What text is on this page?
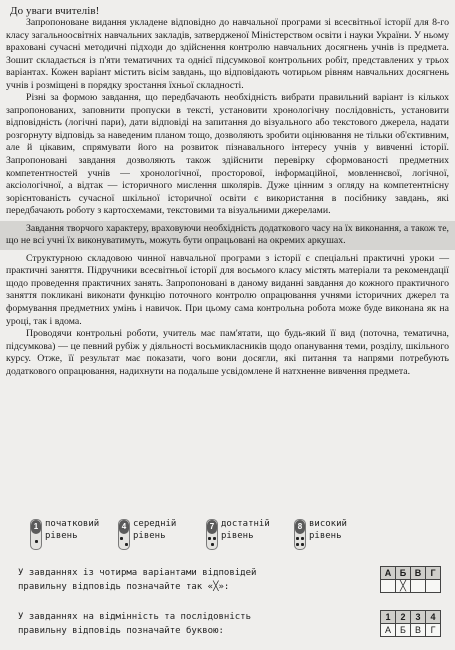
До уваги вчителів!

Запропоноване видання укладене відповідно до навчальної програми зі всесвітньої історії для 8-го класу загальноосвітніх навчальних закладів, затвердженої Міністерством освіти і науки України. У ньому враховані сучасні методичні підходи до здійснення контролю навчальних досягнень учнів із предмета. Зошит складається із п'яти тематичних та однієї підсумкової контрольних робіт, представлених у трьох варіантах. Кожен варіант містить вісім завдань, що відповідають чотирьом рівням навчальних досягнень учнів і розміщені в порядку зростання їхньої складності.

Різні за формою завдання, що передбачають необхідність вибрати правильний варіант із кількох запропонованих, заповнити пропуски в тексті, установити хронологічну послідовність, установити відповідність (логічні пари), дати відповіді на запитання до візуального або текстового джерела, надати розгорнуту відповідь за наведеним планом тощо, дозволяють зробити оцінювання не тільки об'єктивним, але й цікавим, спрямувати його на розвиток пізнавального інтересу учнів у вивченні історії. Запропоновані завдання дозволяють також здійснити перевірку сформованості предметних компетентностей учнів — хронологічної, просторової, інформаційної, мовленнєвої, логічної, аксіологічної, а відтак — історичного мислення школярів. Дуже цінним з огляду на компетентнісну зорієнтованість сучасної шкільної історичної освіти є використання в посібнику завдань, які передбачають роботу з картосхемами, текстовими та візуальними джерелами.

Завдання творчого характеру, враховуючи необхідність додаткового часу на їх виконання, а також те, що не всі учні їх виконуватимуть, можуть бути опрацьовані на окремих аркушах.

Структурною складовою чинної навчальної програми з історії є спеціальні практичні уроки — практичні заняття. Підручники всесвітньої історії для восьмого класу містять матеріали та рекомендації щодо проведення практичних занять. Запропоновані в даному виданні завдання до кожного практичного заняття покликані виконати функцію поточного контролю опрацювання учнями історичних джерел та формування предметних умінь і навичок. При цьому сама контрольна робота може буде виконана як на уроці, так і вдома.

Проводячи контрольні роботи, учитель має пам'ятати, що будь-який її вид (поточна, тематична, підсумкова) — це певний рубіж у діяльності восьмикласників щодо опанування теми, розділу, шкільного курсу. Отже, її результат має показати, чого вони досягли, які питання та напрями потребують додаткового опрацювання, надихнути на подальше усвідомлене й натхненне вивчення предмета.

1 початковий
рівень
4 середній
рівень
7 достатній
рівень
8 високий
рівень
У завданнях із чотирма варіантами відповідей
правильну відповідь позначайте так «╳»:
А	Б	В	Г
	╳		
У завданнях на відмінність та послідовність
правильну відповідь позначайте буквою:
1	2	3	4
А	Б	В	Г
